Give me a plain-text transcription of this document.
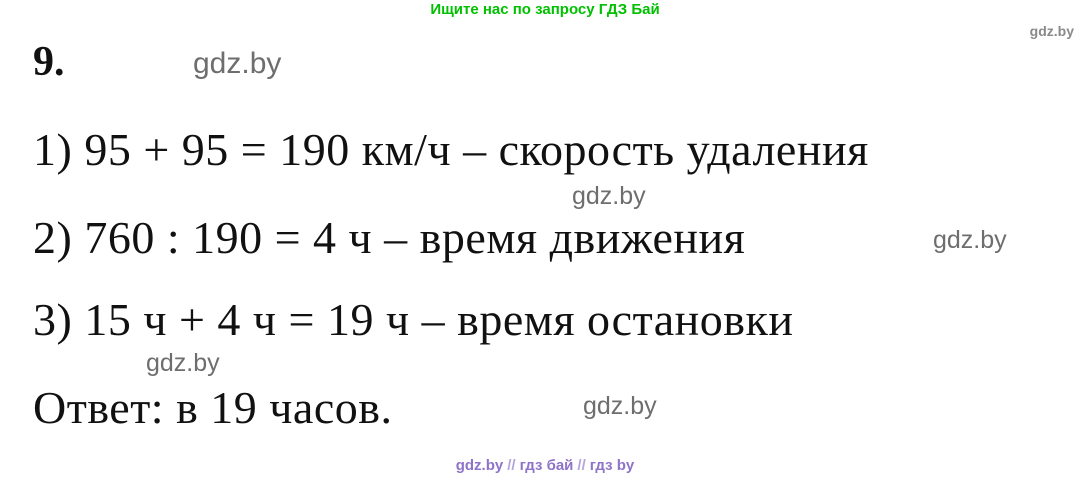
Ищите нас по запросу ГДЗ Бай
gdz.by
9.	gdz.by
1) 95 + 95 = 190 км/ч – скорость удаления
gdz.by
2) 760 : 190 = 4 ч – время движения	gdz.by
3) 15 ч + 4 ч = 19 ч – время остановки
gdz.by
Ответ: в 19 часов.	gdz.by
gdz.by // гдз бай // гдз by
